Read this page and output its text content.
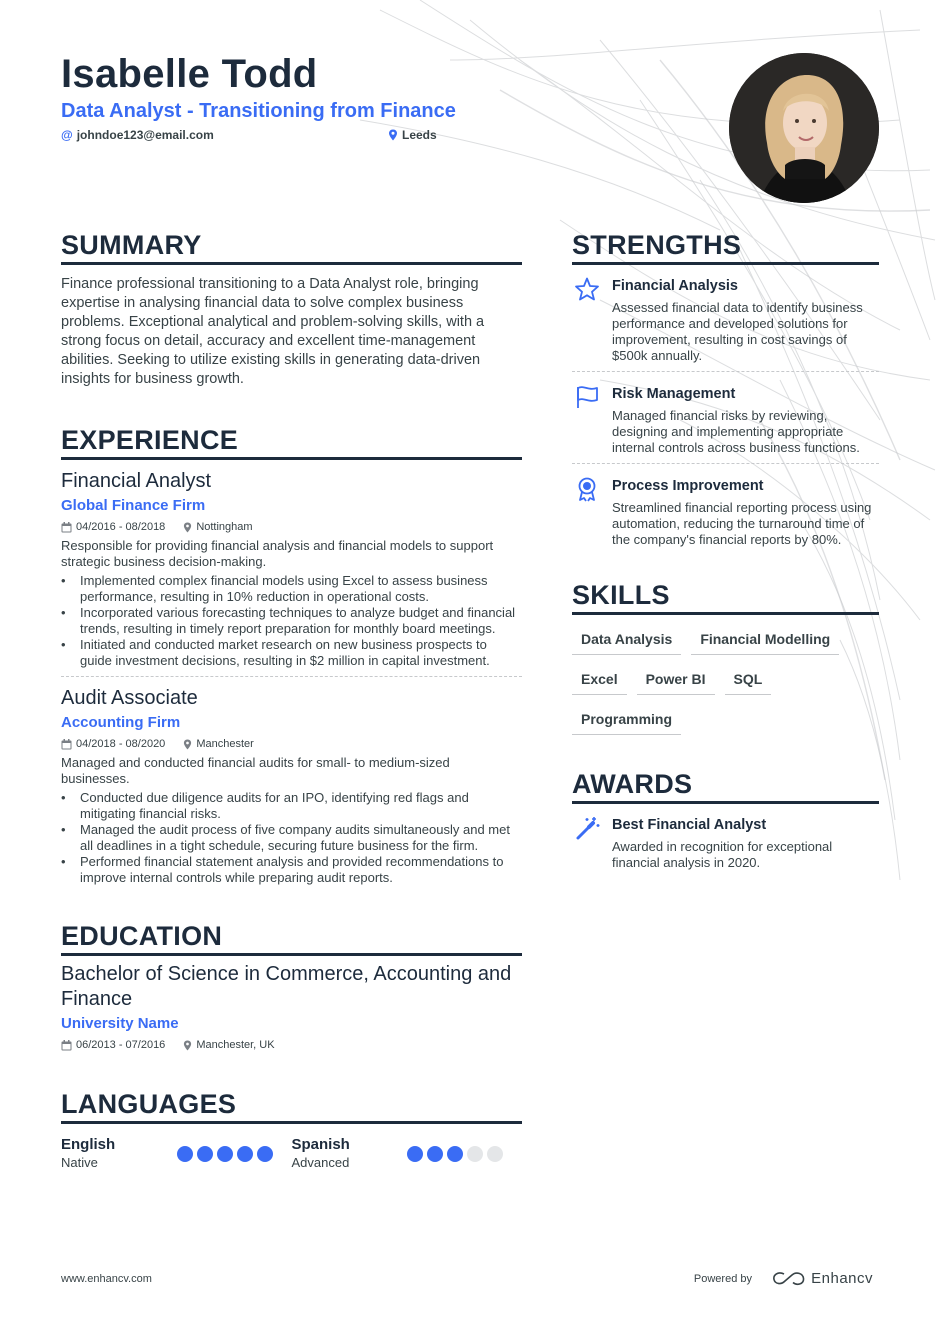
Isabelle Todd
Data Analyst - Transitioning from Finance
@ johndoe123@email.com	Leeds
SUMMARY
Finance professional transitioning to a Data Analyst role, bringing expertise in analysing financial data to solve complex business problems. Exceptional analytical and problem-solving skills, with a strong focus on detail, accuracy and excellent time-management abilities. Seeking to utilize existing skills in generating data-driven insights for business growth.
EXPERIENCE
Financial Analyst
Global Finance Firm
04/2016 - 08/2018	Nottingham
Responsible for providing financial analysis and financial models to support strategic business decision-making.
• Implemented complex financial models using Excel to assess business performance, resulting in 10% reduction in operational costs.
• Incorporated various forecasting techniques to analyze budget and financial trends, resulting in timely report preparation for monthly board meetings.
• Initiated and conducted market research on new business prospects to guide investment decisions, resulting in $2 million in capital investment.
Audit Associate
Accounting Firm
04/2018 - 08/2020	Manchester
Managed and conducted financial audits for small- to medium-sized businesses.
• Conducted due diligence audits for an IPO, identifying red flags and mitigating financial risks.
• Managed the audit process of five company audits simultaneously and met all deadlines in a tight schedule, securing future business for the firm.
• Performed financial statement analysis and provided recommendations to improve internal controls while preparing audit reports.
EDUCATION
Bachelor of Science in Commerce, Accounting and Finance
University Name
06/2013 - 07/2016	Manchester, UK
LANGUAGES
English
Native
Spanish
Advanced
STRENGTHS
Financial Analysis
Assessed financial data to identify business performance and developed solutions for improvement, resulting in cost savings of $500k annually.
Risk Management
Managed financial risks by reviewing, designing and implementing appropriate internal controls across business functions.
Process Improvement
Streamlined financial reporting process using automation, reducing the turnaround time of the company's financial reports by 80%.
SKILLS
Data Analysis	Financial Modelling
Excel	Power BI	SQL
Programming
AWARDS
Best Financial Analyst
Awarded in recognition for exceptional financial analysis in 2020.
www.enhancv.com	Powered by	Enhancv
